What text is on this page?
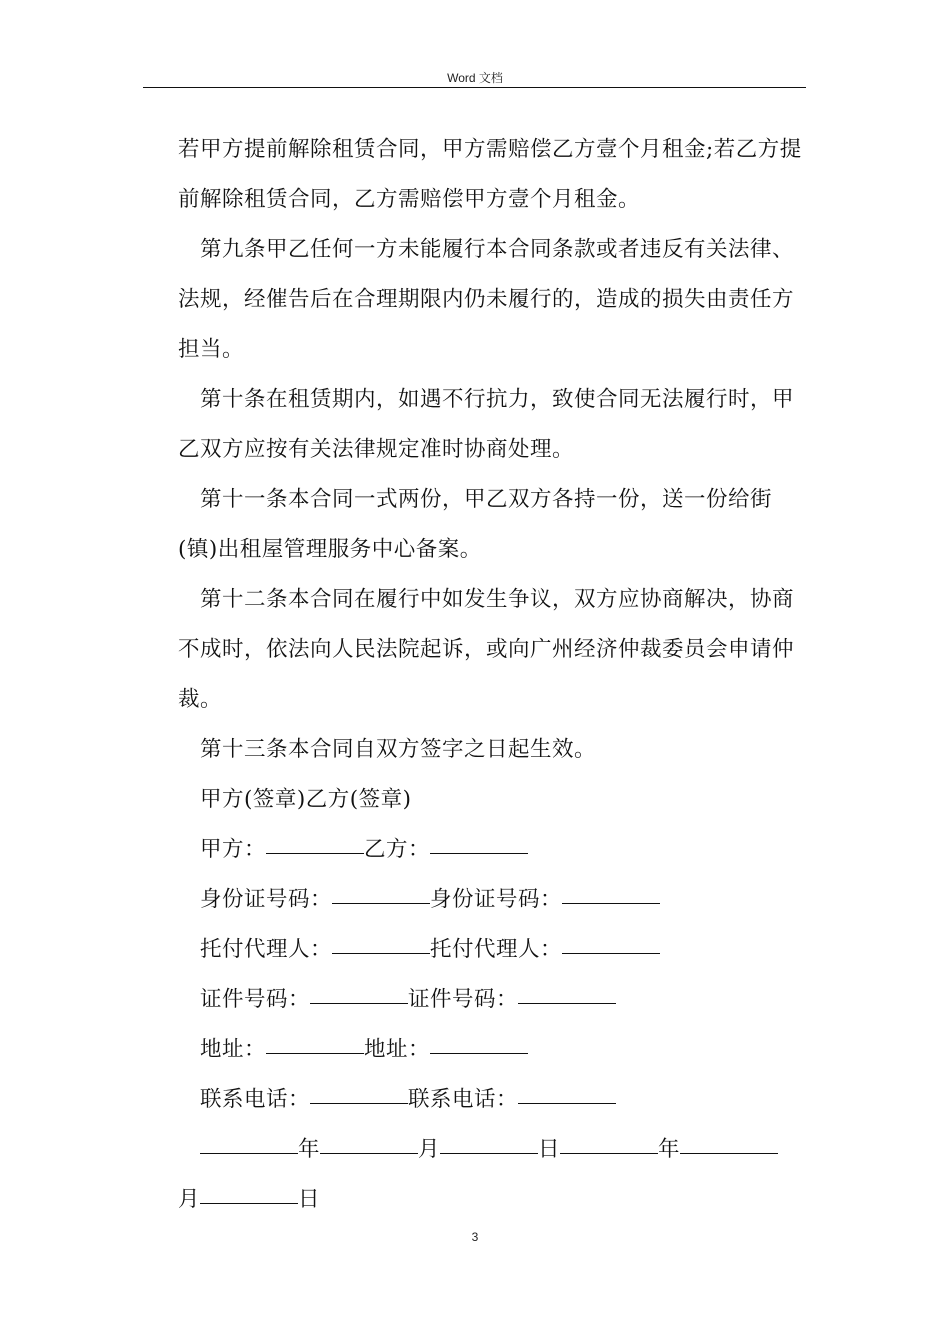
Word 文档

若甲方提前解除租赁合同，甲方需赔偿乙方壹个月租金;若乙方提前解除租赁合同，乙方需赔偿甲方壹个月租金。

第九条甲乙任何一方未能履行本合同条款或者违反有关法律、法规，经催告后在合理期限内仍未履行的，造成的损失由责任方担当。

第十条在租赁期内，如遇不行抗力，致使合同无法履行时，甲乙双方应按有关法律规定准时协商处理。

第十一条本合同一式两份，甲乙双方各持一份，送一份给街(镇)出租屋管理服务中心备案。

第十二条本合同在履行中如发生争议，双方应协商解决，协商不成时，依法向人民法院起诉，或向广州经济仲裁委员会申请仲裁。

第十三条本合同自双方签字之日起生效。

甲方(签章)乙方(签章)

甲方：	乙方：

身份证号码：	身份证号码：

托付代理人：	托付代理人：

证件号码：	证件号码：

地址：	地址：

联系电话：	联系电话：

年	月	日	年

月	日

3
